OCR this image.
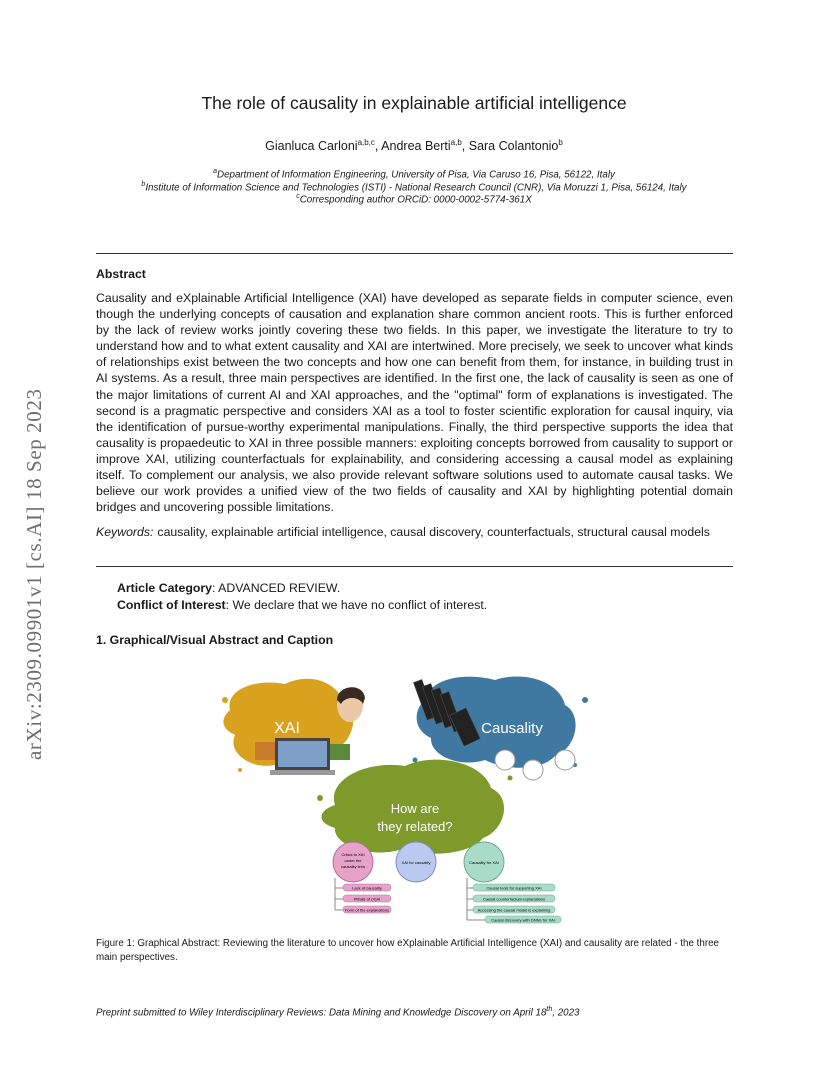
arXiv:2309.09901v1 [cs.AI] 18 Sep 2023
The role of causality in explainable artificial intelligence
Gianluca Carloni$^{a,b,c}$, Andrea Berti$^{a,b}$, Sara Colantonio$^b$
$^a$Department of Information Engineering, University of Pisa, Via Caruso 16, Pisa, 56122, Italy
$^b$Institute of Information Science and Technologies (ISTI) - National Research Council (CNR), Via Moruzzi 1, Pisa, 56124, Italy
$^c$Corresponding author ORCiD: 0000-0002-5774-361X
Abstract
Causality and eXplainable Artificial Intelligence (XAI) have developed as separate fields in computer science, even though the underlying concepts of causation and explanation share common ancient roots. This is further enforced by the lack of review works jointly covering these two fields. In this paper, we investigate the literature to try to understand how and to what extent causality and XAI are intertwined. More precisely, we seek to uncover what kinds of relationships exist between the two concepts and how one can benefit from them, for instance, in building trust in AI systems. As a result, three main perspectives are identified. In the first one, the lack of causality is seen as one of the major limitations of current AI and XAI approaches, and the "optimal" form of explanations is investigated. The second is a pragmatic perspective and considers XAI as a tool to foster scientific exploration for causal inquiry, via the identification of pursue-worthy experimental manipulations. Finally, the third perspective supports the idea that causality is propaedeutic to XAI in three possible manners: exploiting concepts borrowed from causality to support or improve XAI, utilizing counterfactuals for explainability, and considering accessing a causal model as explaining itself. To complement our analysis, we also provide relevant software solutions used to automate causal tasks. We believe our work provides a unified view of the two fields of causality and XAI by highlighting potential domain bridges and uncovering possible limitations.
Keywords: causality, explainable artificial intelligence, causal discovery, counterfactuals, structural causal models
Article Category: ADVANCED REVIEW.
Conflict of Interest: We declare that we have no conflict of interest.
1. Graphical/Visual Abstract and Caption
XAI	Causality
How are
they related?
Critics to XAI
under the
causality lens
XAI for causality	Causality for XAI
Lack of causality
Pitfalls of (X)AI
Form of the explanations
Causal tools for supporting XAI
Causal counterfactual explanations
Accessing the causal model is explaining
Causal discovery with DNNs for XAI
Figure 1: Graphical Abstract: Reviewing the literature to uncover how eXplainable Artificial Intelligence (XAI) and causality are related - the three main perspectives.
Preprint submitted to Wiley Interdisciplinary Reviews: Data Mining and Knowledge Discovery on April 18th, 2023
